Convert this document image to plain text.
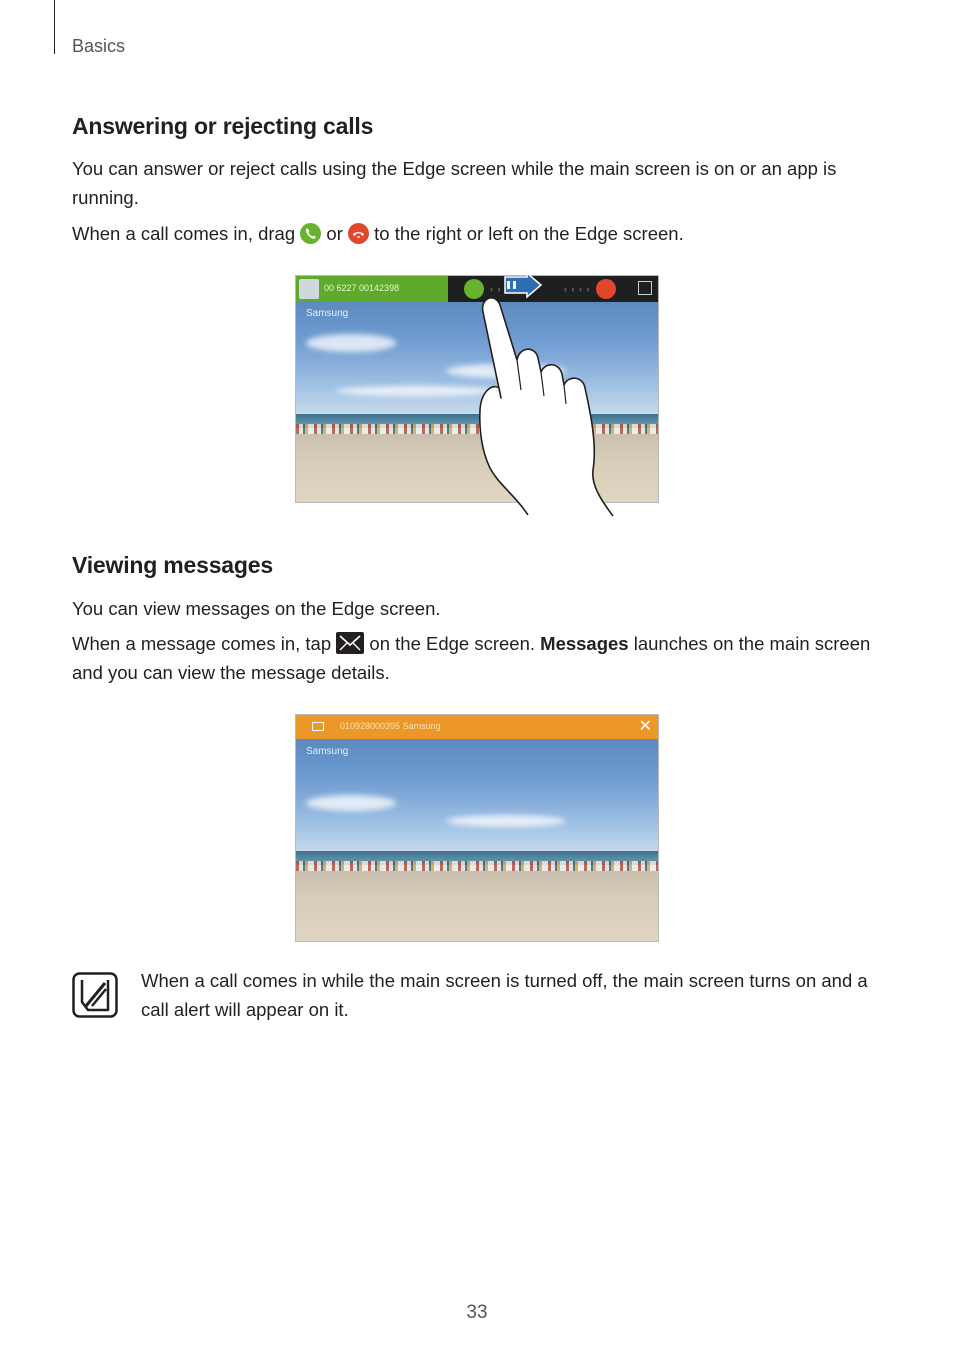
Basics
Answering or rejecting calls

You can answer or reject calls using the Edge screen while the main screen is on or an app is running.

When a call comes in, drag
or
to the right or left on the Edge screen.

Samsung
00 6227 00142398	› ›	‹ ‹ ‹ ‹
Viewing messages

You can view messages on the Edge screen.

When a message comes in, tap
on the Edge screen. Messages launches on the main screen and you can view the message details.

Samsung
010928000395 Samsung	✕

When a call comes in while the main screen is turned off, the main screen turns on and a call alert will appear on it.

33
